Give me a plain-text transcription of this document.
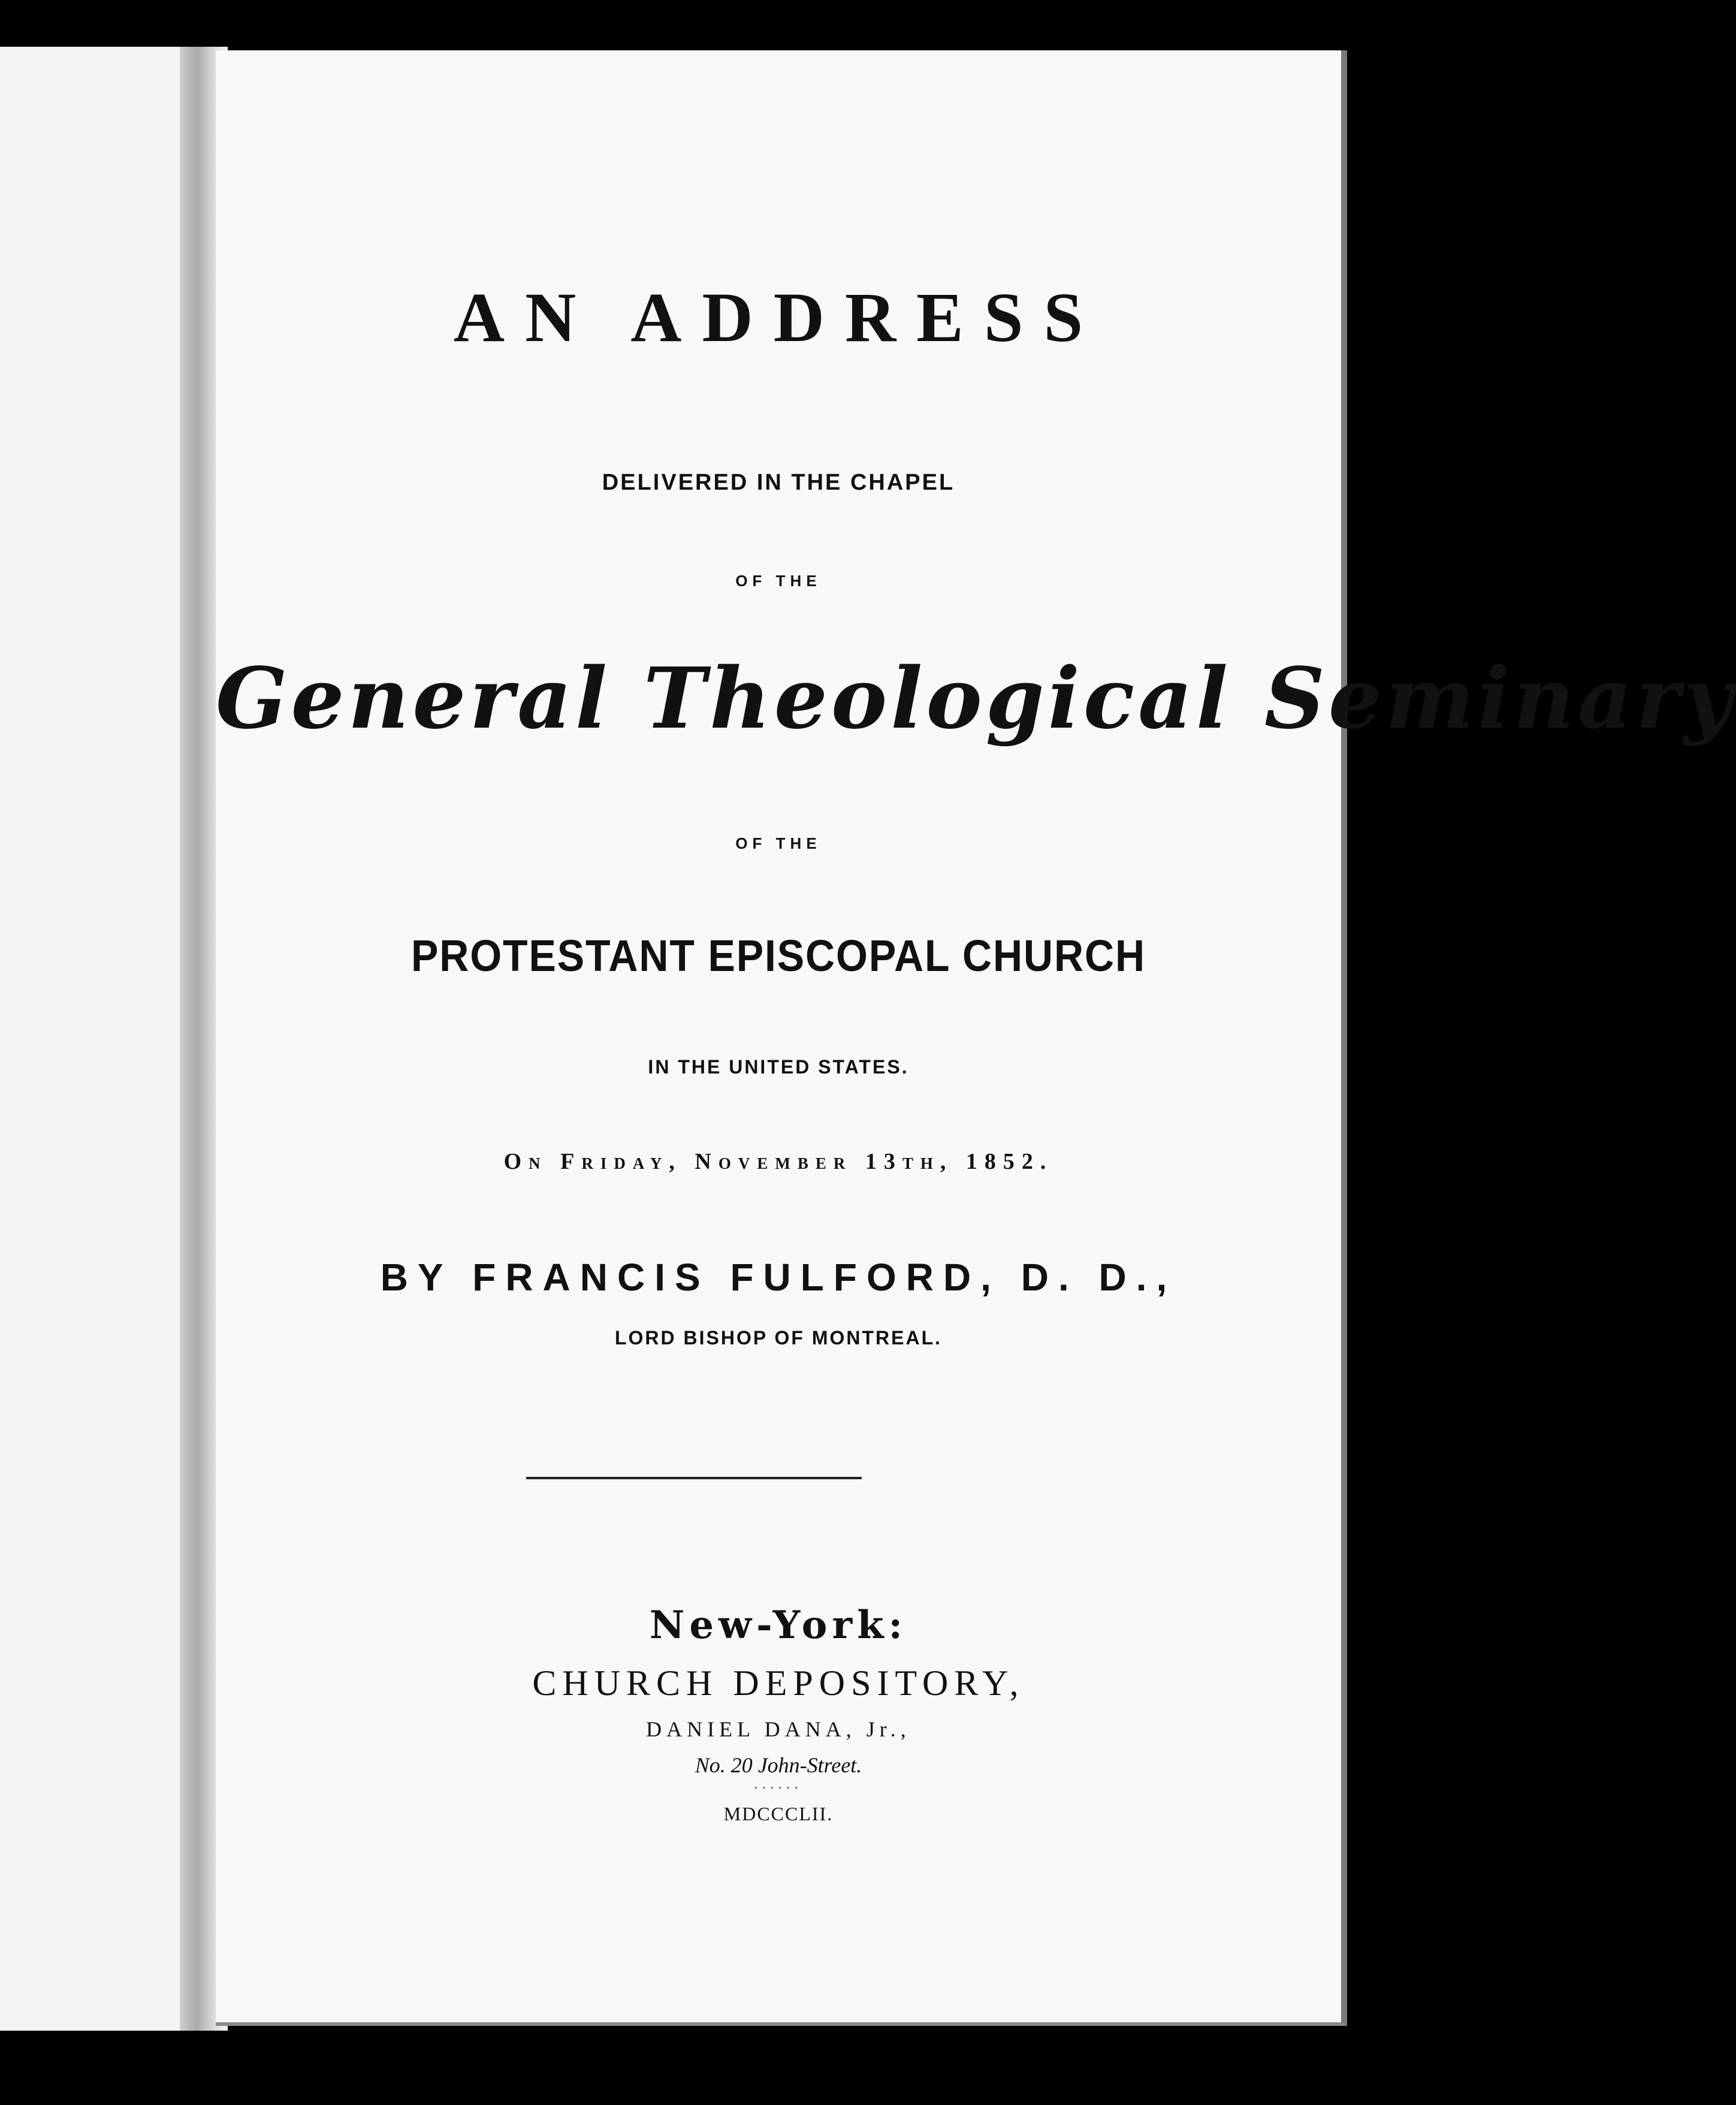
AN ADDRESS
DELIVERED IN THE CHAPEL
OF THE
General Theological Seminary
OF THE
PROTESTANT EPISCOPAL CHURCH
IN THE UNITED STATES.
On Friday, November 13th, 1852.
BY FRANCIS FULFORD, D. D.,
LORD BISHOP OF MONTREAL.
New-York:
CHURCH DEPOSITORY,
DANIEL DANA, Jr.,
No. 20 John-Street.
......
MDCCCLII.
